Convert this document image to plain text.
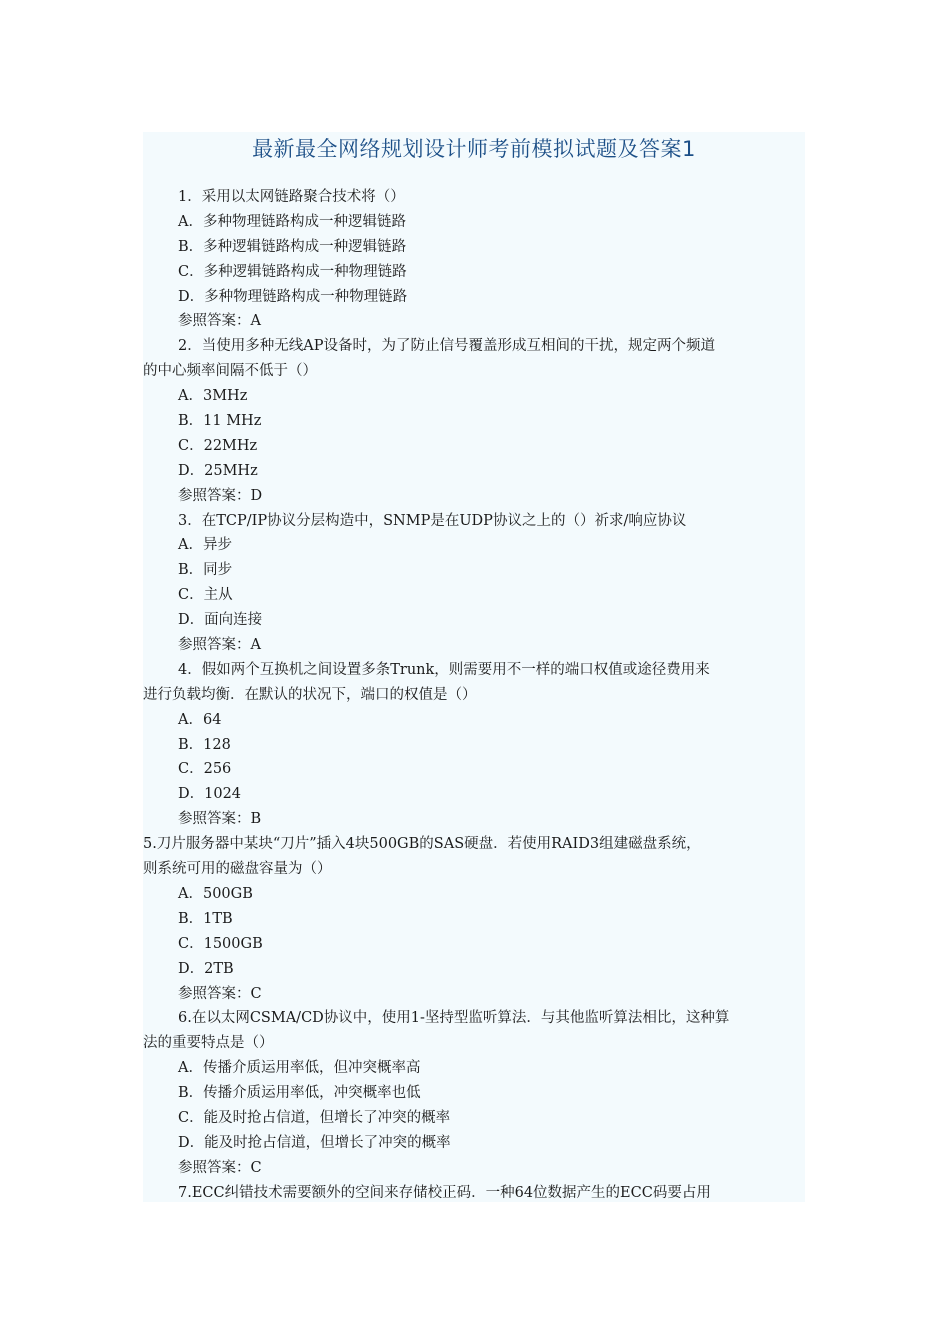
最新最全网络规划设计师考前模拟试题及答案1
1．采用以太网链路聚合技术将（）
A．多种物理链路构成一种逻辑链路
B．多种逻辑链路构成一种逻辑链路
C．多种逻辑链路构成一种物理链路
D．多种物理链路构成一种物理链路
参照答案：A
2．当使用多种无线AP设备时，为了防止信号覆盖形成互相间的干扰，规定两个频道
的中心频率间隔不低于（）
A．3MHz
B．11 MHz
C．22MHz
D．25MHz
参照答案：D
3．在TCP/IP协议分层构造中，SNMP是在UDP协议之上的（）祈求/响应协议
A．异步
B．同步
C．主从
D．面向连接
参照答案：A
4．假如两个互换机之间设置多条Trunk，则需要用不一样的端口权值或途径费用来
进行负载均衡．在默认的状况下，端口的权值是（）
A．64
B．128
C．256
D．1024
参照答案：B
5.刀片服务器中某块“刀片”插入4块500GB的SAS硬盘．若使用RAID3组建磁盘系统，
则系统可用的磁盘容量为（）
A．500GB
B．1TB
C．1500GB
D．2TB
参照答案：C
6.在以太网CSMA/CD协议中，使用1-坚持型监听算法．与其他监听算法相比，这种算
法的重要特点是（）
A．传播介质运用率低，但冲突概率高
B．传播介质运用率低，冲突概率也低
C．能及时抢占信道，但增长了冲突的概率
D．能及时抢占信道，但增长了冲突的概率
参照答案：C
7.ECC纠错技术需要额外的空间来存储校正码．一种64位数据产生的ECC码要占用
